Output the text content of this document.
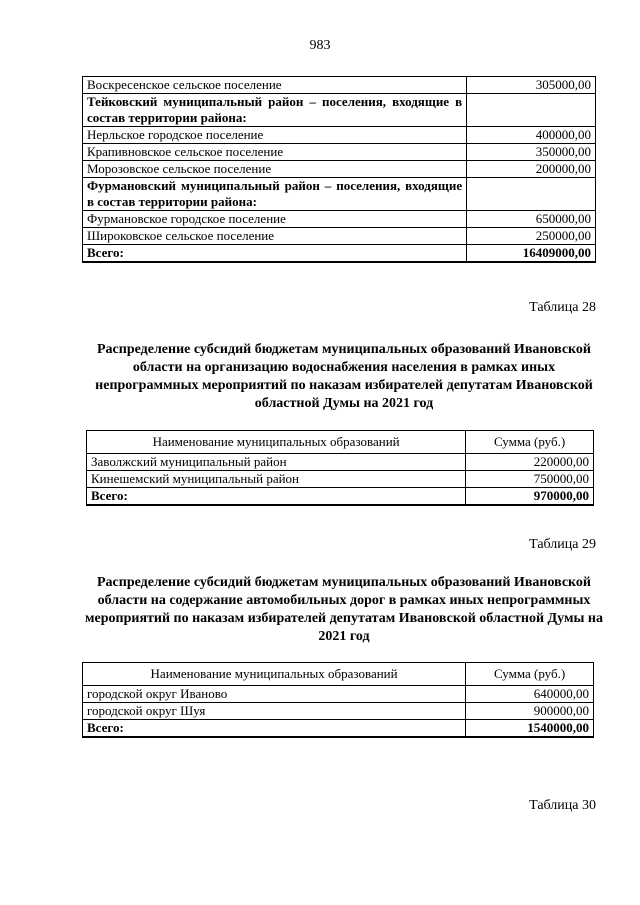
983
Воскресенское сельское поселение	305000,00
Тейковский муниципальный район – поселения, входящие в состав территории района:	
Нерльское городское поселение	400000,00
Крапивновское сельское поселение	350000,00
Морозовское сельское поселение	200000,00
Фурмановский муниципальный район – поселения, входящие в состав территории района:	
Фурмановское городское поселение	650000,00
Широковское сельское поселение	250000,00
Всего:	16409000,00
Таблица 28
Распределение субсидий бюджетам муниципальных образований Ивановской области на организацию водоснабжения населения в рамках иных непрограммных мероприятий по наказам избирателей депутатам Ивановской областной Думы на 2021 год
Наименование муниципальных образований	Сумма (руб.)
Заволжский муниципальный район	220000,00
Кинешемский муниципальный район	750000,00
Всего:	970000,00
Таблица 29
Распределение субсидий бюджетам муниципальных образований Ивановской области на содержание автомобильных дорог в рамках иных непрограммных мероприятий по наказам избирателей депутатам Ивановской областной Думы на 2021 год
Наименование муниципальных образований	Сумма (руб.)
городской округ Иваново	640000,00
городской округ Шуя	900000,00
Всего:	1540000,00
Таблица 30
